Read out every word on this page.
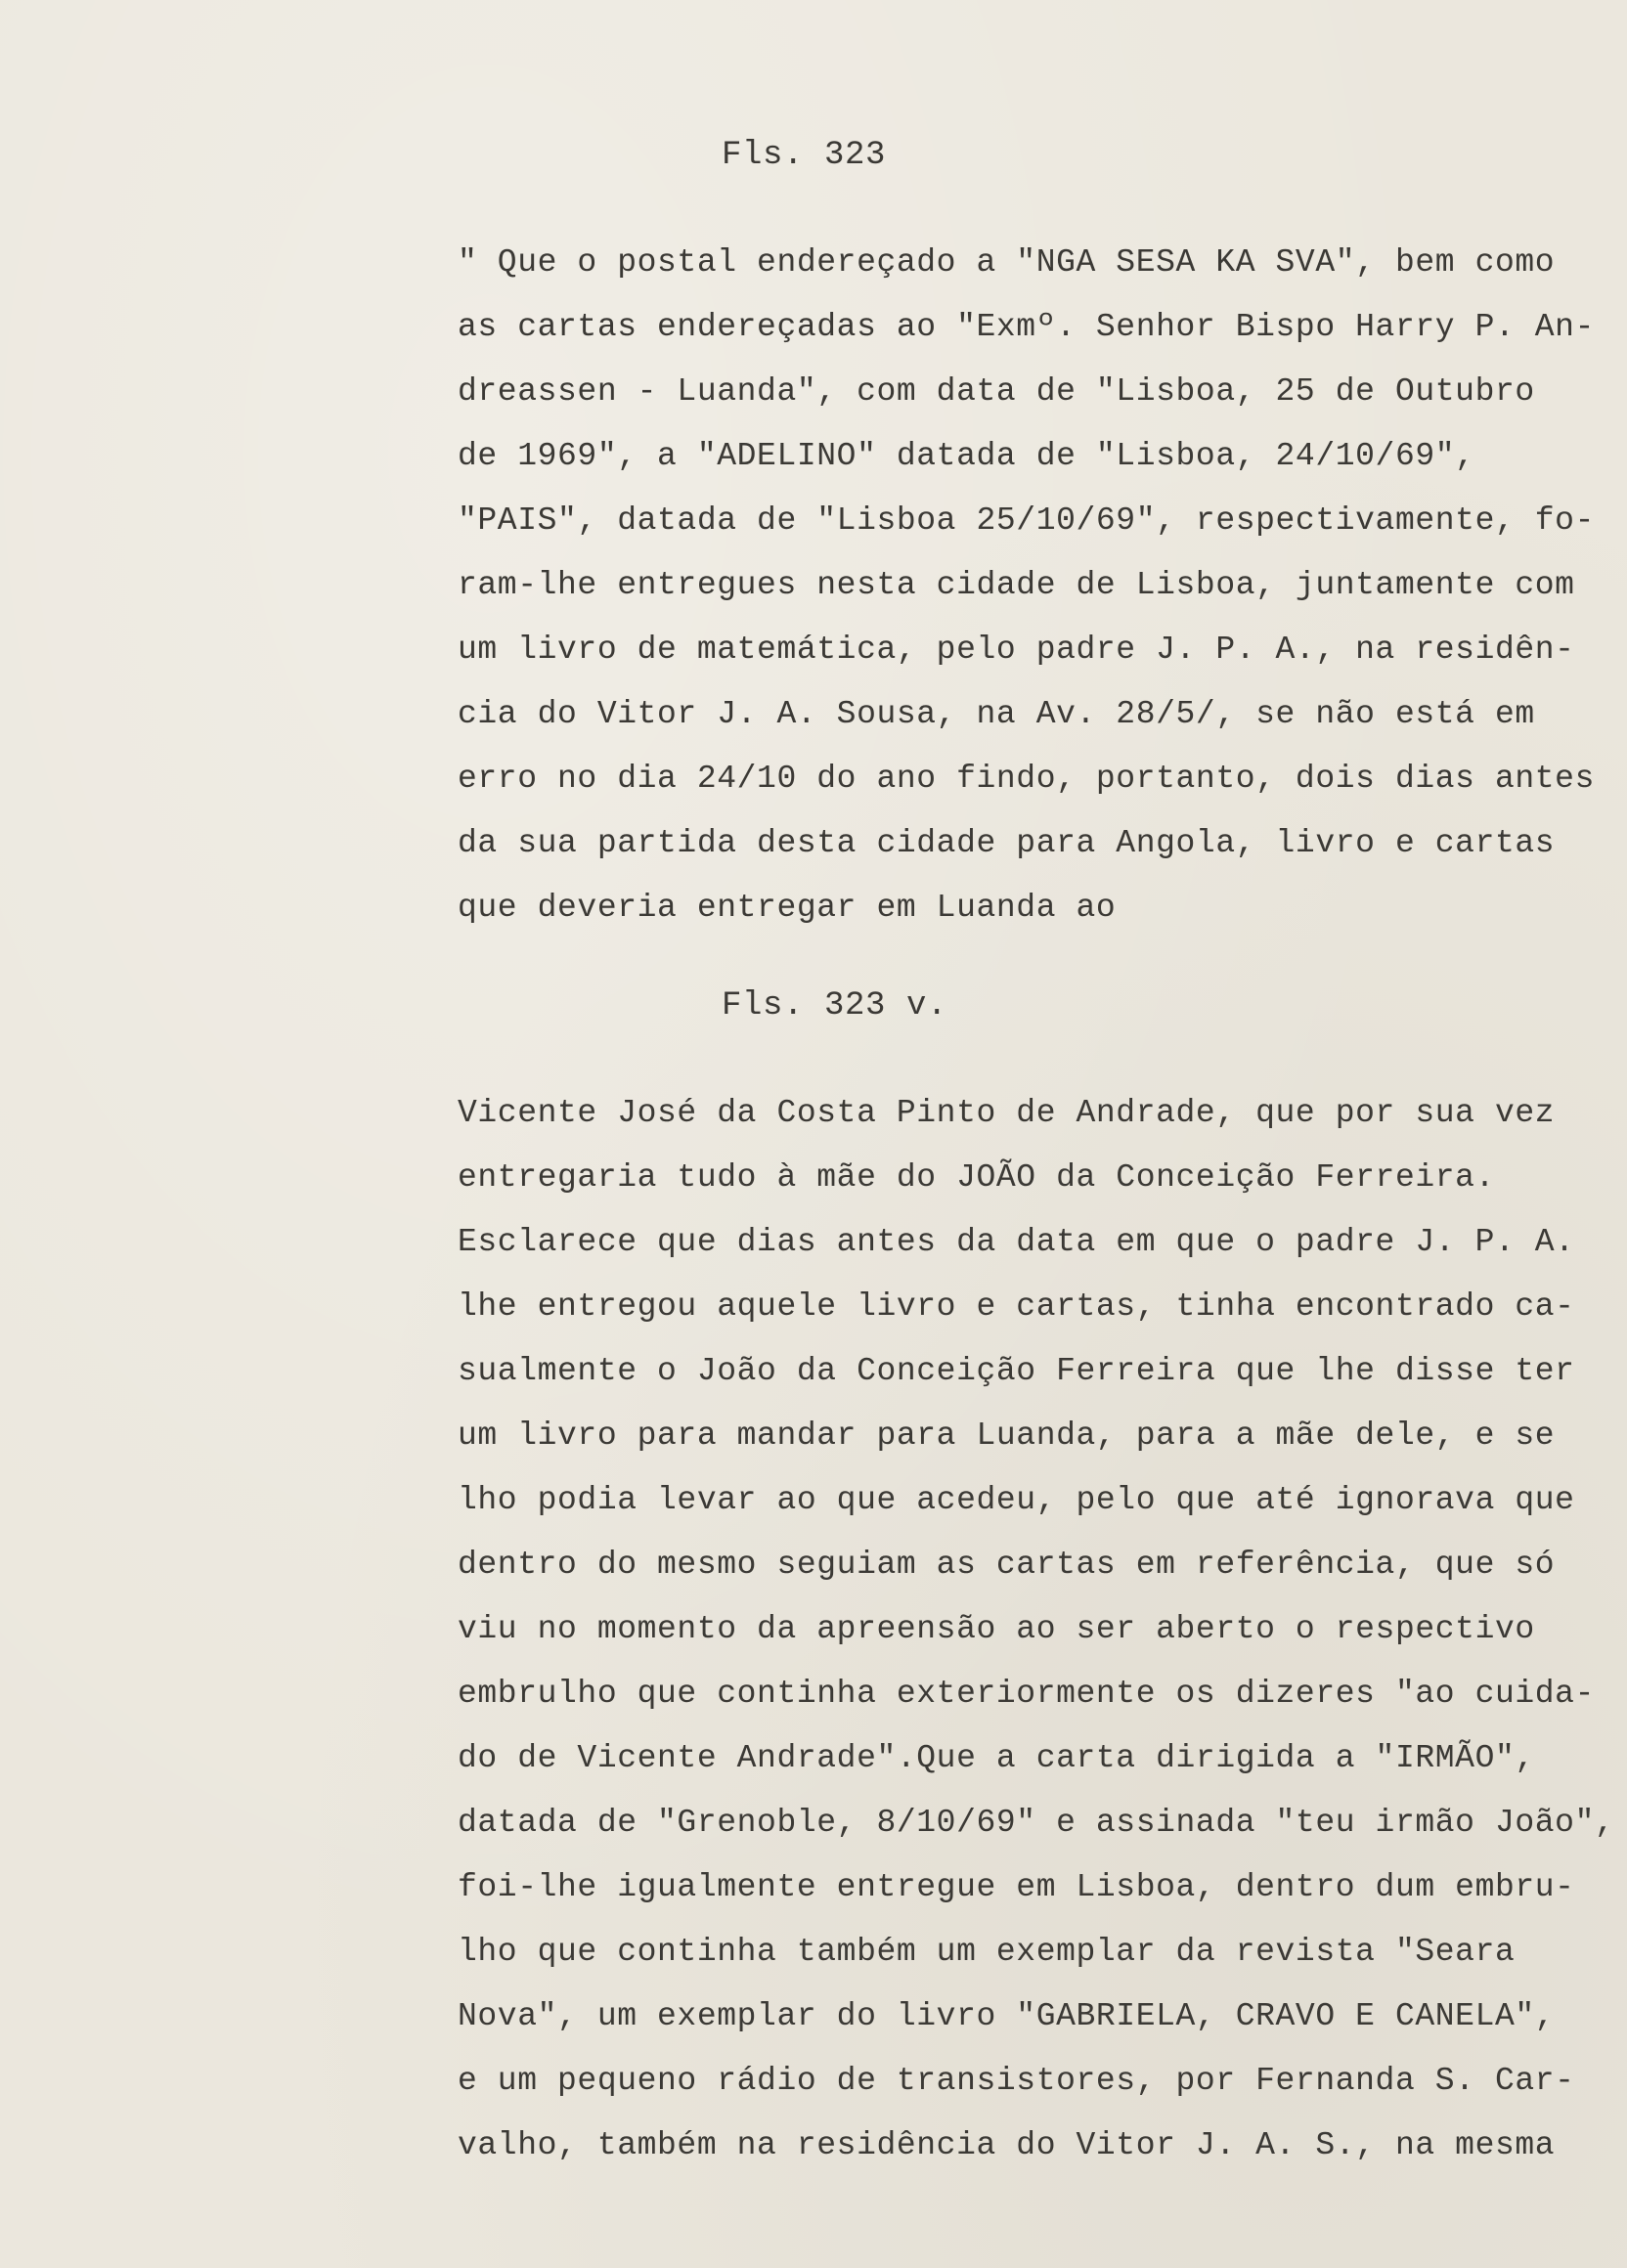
Fls. 323
" Que o postal endereçado a "NGA SESA KA SVA", bem como
as cartas endereçadas ao "Exmº. Senhor Bispo Harry P. An-
dreassen - Luanda", com data de "Lisboa, 25 de Outubro
de 1969", a "ADELINO" datada de "Lisboa, 24/10/69",
"PAIS", datada de "Lisboa 25/10/69", respectivamente, fo-
ram-lhe entregues nesta cidade de Lisboa, juntamente com
um livro de matemática, pelo padre J. P. A., na residên-
cia do Vitor J. A. Sousa, na Av. 28/5/, se não está em
erro no dia 24/10 do ano findo, portanto, dois dias antes
da sua partida desta cidade para Angola, livro e cartas
que deveria entregar em Luanda ao
Fls. 323 v.
Vicente José da Costa Pinto de Andrade, que por sua vez
entregaria tudo à mãe do JOÃO da Conceição Ferreira.
Esclarece que dias antes da data em que o padre J. P. A.
lhe entregou aquele livro e cartas, tinha encontrado ca-
sualmente o João da Conceição Ferreira que lhe disse ter
um livro para mandar para Luanda, para a mãe dele, e se
lho podia levar ao que acedeu, pelo que até ignorava que
dentro do mesmo seguiam as cartas em referência, que só
viu no momento da apreensão ao ser aberto o respectivo
embrulho que continha exteriormente os dizeres "ao cuida-
do de Vicente Andrade".Que a carta dirigida a "IRMÃO",
datada de "Grenoble, 8/10/69" e assinada "teu irmão João",
foi-lhe igualmente entregue em Lisboa, dentro dum embru-
lho que continha também um exemplar da revista "Seara
Nova", um exemplar do livro "GABRIELA, CRAVO E CANELA",
e um pequeno rádio de transistores, por Fernanda S. Car-
valho, também na residência do Vitor J. A. S., na mesma
